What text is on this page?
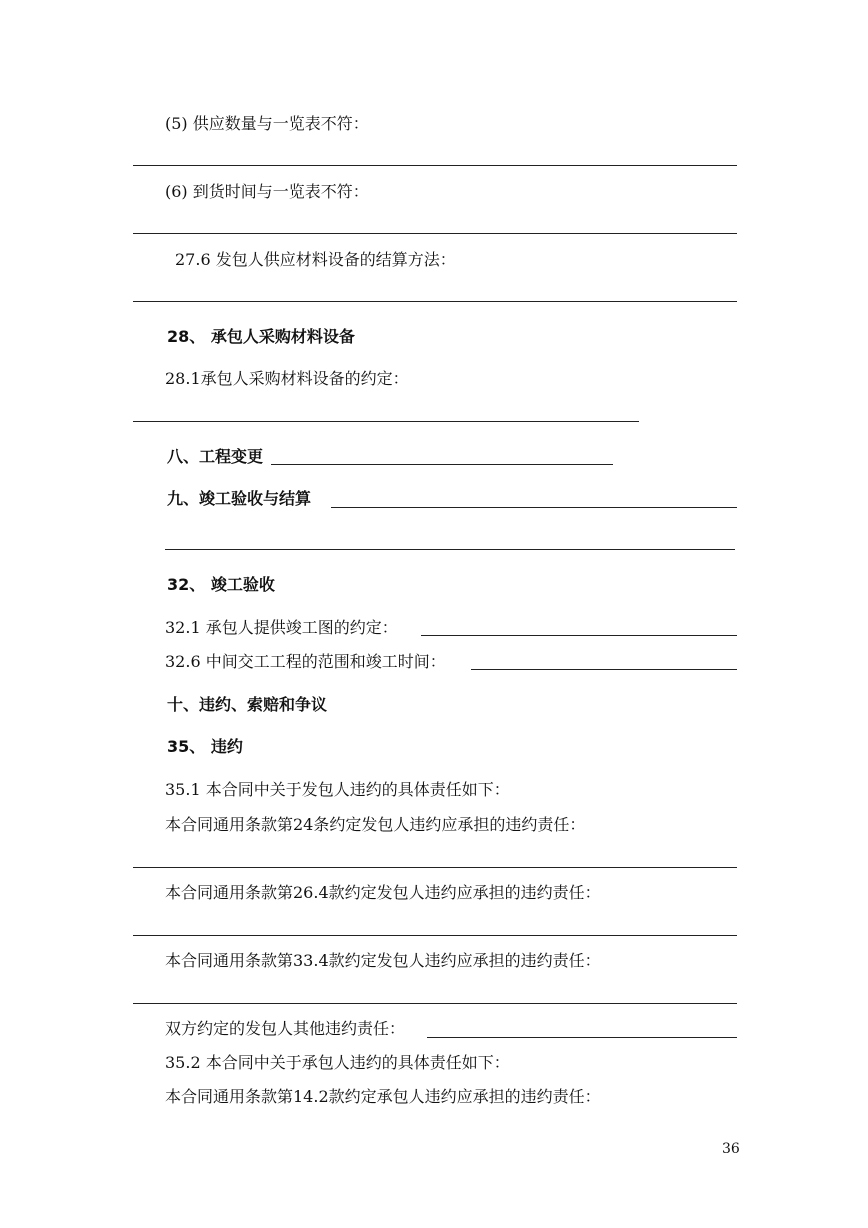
(5) 供应数量与一览表不符：
(6) 到货时间与一览表不符：
27.6 发包人供应材料设备的结算方法：
28、 承包人采购材料设备
28.1承包人采购材料设备的约定：
八、工程变更
九、竣工验收与结算
32、 竣工验收
32.1 承包人提供竣工图的约定：
32.6 中间交工工程的范围和竣工时间：
十、违约、索赔和争议
35、 违约
35.1 本合同中关于发包人违约的具体责任如下：
本合同通用条款第24条约定发包人违约应承担的违约责任：
本合同通用条款第26.4款约定发包人违约应承担的违约责任：
本合同通用条款第33.4款约定发包人违约应承担的违约责任：
双方约定的发包人其他违约责任：
35.2 本合同中关于承包人违约的具体责任如下：
本合同通用条款第14.2款约定承包人违约应承担的违约责任：
36
